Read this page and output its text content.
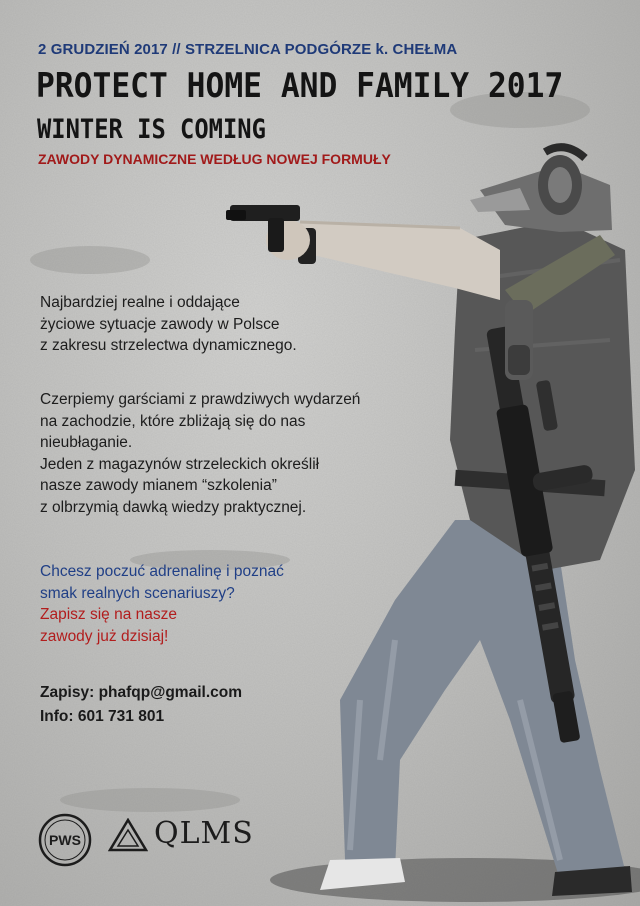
2 GRUDZIEŃ 2017 // STRZELNICA PODGÓRZE k. CHEŁMA

PROTECT HOME AND FAMILY 2017
WINTER IS COMING

ZAWODY DYNAMICZNE WEDŁUG NOWEJ FORMUŁY

Najbardziej realne i oddające
życiowe sytuacje zawody w Polsce
z zakresu strzelectwa dynamicznego.
Czerpiemy garściami z prawdziwych wydarzeń
na zachodzie, które zbliżają się do nas
nieubłaganie.
Jeden z magazynów strzeleckich określił
nasze zawody mianem “szkolenia”
z olbrzymią dawką wiedzy praktycznej.
Chcesz poczuć adrenalinę i poznać
smak realnych scenariuszy?
Zapisz się na nasze
zawody już dzisiaj!

Zapisy: phafqp@gmail.com

Info: 601 731 801

PWS QLMS
